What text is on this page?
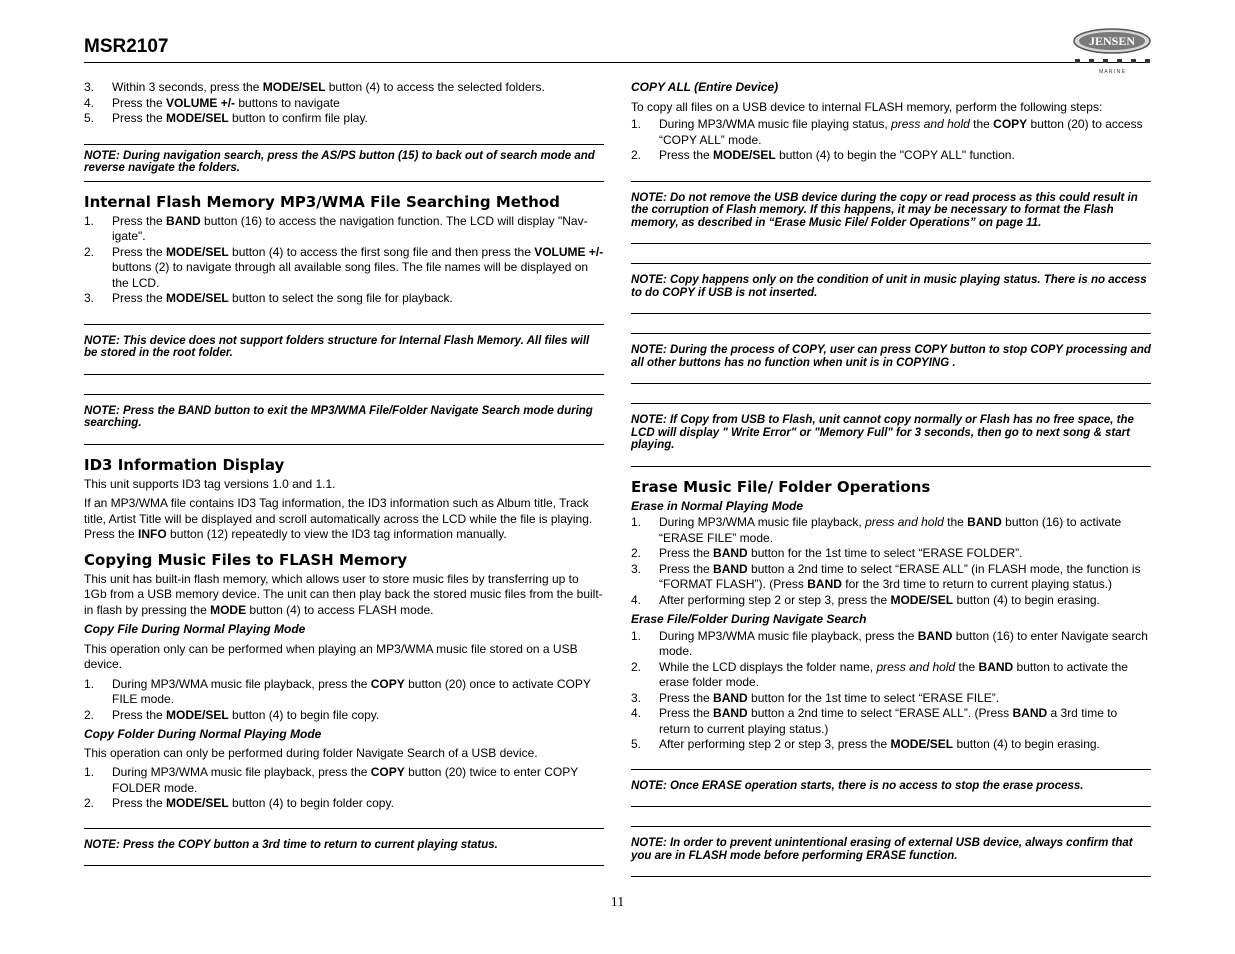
MSR2107	JENSEN
M A R I N E
3. Within 3 seconds, press the MODE/SEL button (4) to access the selected folders.
4. Press the VOLUME +/- buttons to navigate
5. Press the MODE/SEL button to confirm file play.
NOTE: During navigation search, press the AS/PS button (15) to back out of search mode and reverse navigate the folders.
Internal Flash Memory MP3/WMA File Searching Method
1. Press the BAND button (16) to access the navigation function. The LCD will display "Nav-igate".
2. Press the MODE/SEL button (4) to access the first song file and then press the VOLUME +/- buttons (2) to navigate through all available song files. The file names will be displayed on the LCD.
3. Press the MODE/SEL button to select the song file for playback.
NOTE: This device does not support folders structure for Internal Flash Memory. All files will be stored in the root folder.
NOTE: Press the BAND button to exit the MP3/WMA File/Folder Navigate Search mode during searching.
ID3 Information Display

This unit supports ID3 tag versions 1.0 and 1.1.

If an MP3/WMA file contains ID3 Tag information, the ID3 information such as Album title, Track title, Artist Title will be displayed and scroll automatically across the LCD while the file is playing. Press the INFO button (12) repeatedly to view the ID3 tag information manually.

Copying Music Files to FLASH Memory

This unit has built-in flash memory, which allows user to store music files by transferring up to 1Gb from a USB memory device. The unit can then play back the stored music files from the built-in flash by pressing the MODE button (4) to access FLASH mode.

Copy File During Normal Playing Mode

This operation only can be performed when playing an MP3/WMA music file stored on a USB device.

1. During MP3/WMA music file playback, press the COPY button (20) once to activate COPY FILE mode.
2. Press the MODE/SEL button (4) to begin file copy.
Copy Folder During Normal Playing Mode

This operation can only be performed during folder Navigate Search of a USB device.

1. During MP3/WMA music file playback, press the COPY button (20) twice to enter COPY FOLDER mode.
2. Press the MODE/SEL button (4) to begin folder copy.
NOTE: Press the COPY button a 3rd time to return to current playing status.
COPY ALL (Entire Device)

To copy all files on a USB device to internal FLASH memory, perform the following steps:

1. During MP3/WMA music file playing status, press and hold the COPY button (20) to access “COPY ALL” mode.
2. Press the MODE/SEL button (4) to begin the "COPY ALL" function.
NOTE: Do not remove the USB device during the copy or read process as this could result in the corruption of Flash memory. If this happens, it may be necessary to format the Flash memory, as described in “Erase Music File/ Folder Operations” on page 11.
NOTE: Copy happens only on the condition of unit in music playing status. There is no access to do COPY if USB is not inserted.
NOTE: During the process of COPY, user can press COPY button to stop COPY processing and all other buttons has no function when unit is in COPYING .
NOTE: If Copy from USB to Flash, unit cannot copy normally or Flash has no free space, the LCD will display " Write Error" or "Memory Full" for 3 seconds, then go to next song & start playing.
Erase Music File/ Folder Operations
Erase in Normal Playing Mode
1. During MP3/WMA music file playback, press and hold the BAND button (16) to activate “ERASE FILE” mode.
2. Press the BAND button for the 1st time to select “ERASE FOLDER”.
3. Press the BAND button a 2nd time to select “ERASE ALL” (in FLASH mode, the function is “FORMAT FLASH”). (Press BAND for the 3rd time to return to current playing status.)
4. After performing step 2 or step 3, press the MODE/SEL button (4) to begin erasing.
Erase File/Folder During Navigate Search
1. During MP3/WMA music file playback, press the BAND button (16) to enter Navigate search mode.
2. While the LCD displays the folder name, press and hold the BAND button to activate the erase folder mode.
3. Press the BAND button for the 1st time to select “ERASE FILE”.
4. Press the BAND button a 2nd time to select “ERASE ALL”. (Press BAND a 3rd time to return to current playing status.)
5. After performing step 2 or step 3, press the MODE/SEL button (4) to begin erasing.
NOTE: Once ERASE operation starts, there is no access to stop the erase process.
NOTE: In order to prevent unintentional erasing of external USB device, always confirm that you are in FLASH mode before performing ERASE function.
11
